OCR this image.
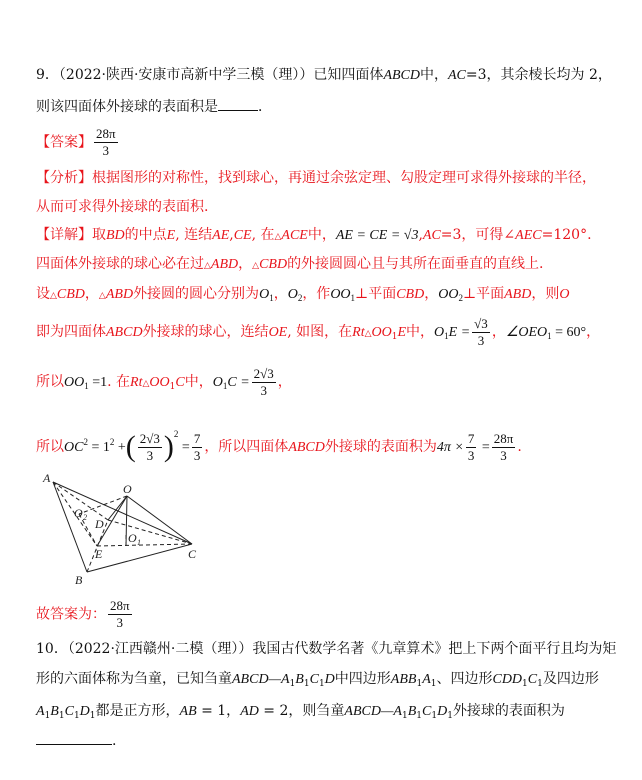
9．（2022·陕西·安康市高新中学三模（理））已知四面体ABCD中，AC=3，其余棱长均为 2，
则该四面体外接球的表面积是	．
【答案】 $\frac{28\pi}{3}$
【分析】根据图形的对称性，找到球心，再通过余弦定理、勾股定理可求得外接球的半径，
从而可求得外接球的表面积.
【详解】取BD的中点E, 连结AE,CE, 在△ACE中，AE = CE = √3,AC=3，可得∠AEC=120°.
四面体外接球的球心必在过△ABD，△CBD的外接圆圆心且与其所在面垂直的直线上.
设△CBD，△ABD外接圆的圆心分别为$O_1$，$O_2$，作$OO_1\perp$平面CBD，$OO_2\perp$平面ABD，则O
即为四面体ABCD外接球的球心，连结OE, 如图，在$Rt\triangle OO_1E$中，$O_1E = \frac{√3}{3}$ ，$\angle OEO_1 = 60^\circ$，
所以$OO_1 =1$. 在$Rt\triangle OO_1C$中，$O_1C = \frac{2√3}{3}$ ，
所以$OC^2 = 1^2$ +( $\frac{2√3}{3} )^2 = \frac{7}{3}$ ，所以四面体ABCD外接球的表面积为$4\pi \times \frac{7}{3} = \frac{28\pi}{3}$ .
A
B
C
D
E
O
O 1
O 2
故答案为： $\frac{28\pi}{3}$
10．（2022·江西赣州·二模（理））我国古代数学名著《九章算术》把上下两个面平行且均为矩
形的六面体称为刍童，已知刍童$ABCD—A_1B_1C_1D$中四边形$ABB_1A_1$、四边形$CDD_1C_1$及四边形
$A_1B_1C_1D_1$都是正方形，AB = 1，AD = 2，则刍童$ABCD—A_1B_1C_1D_1$外接球的表面积为
.
